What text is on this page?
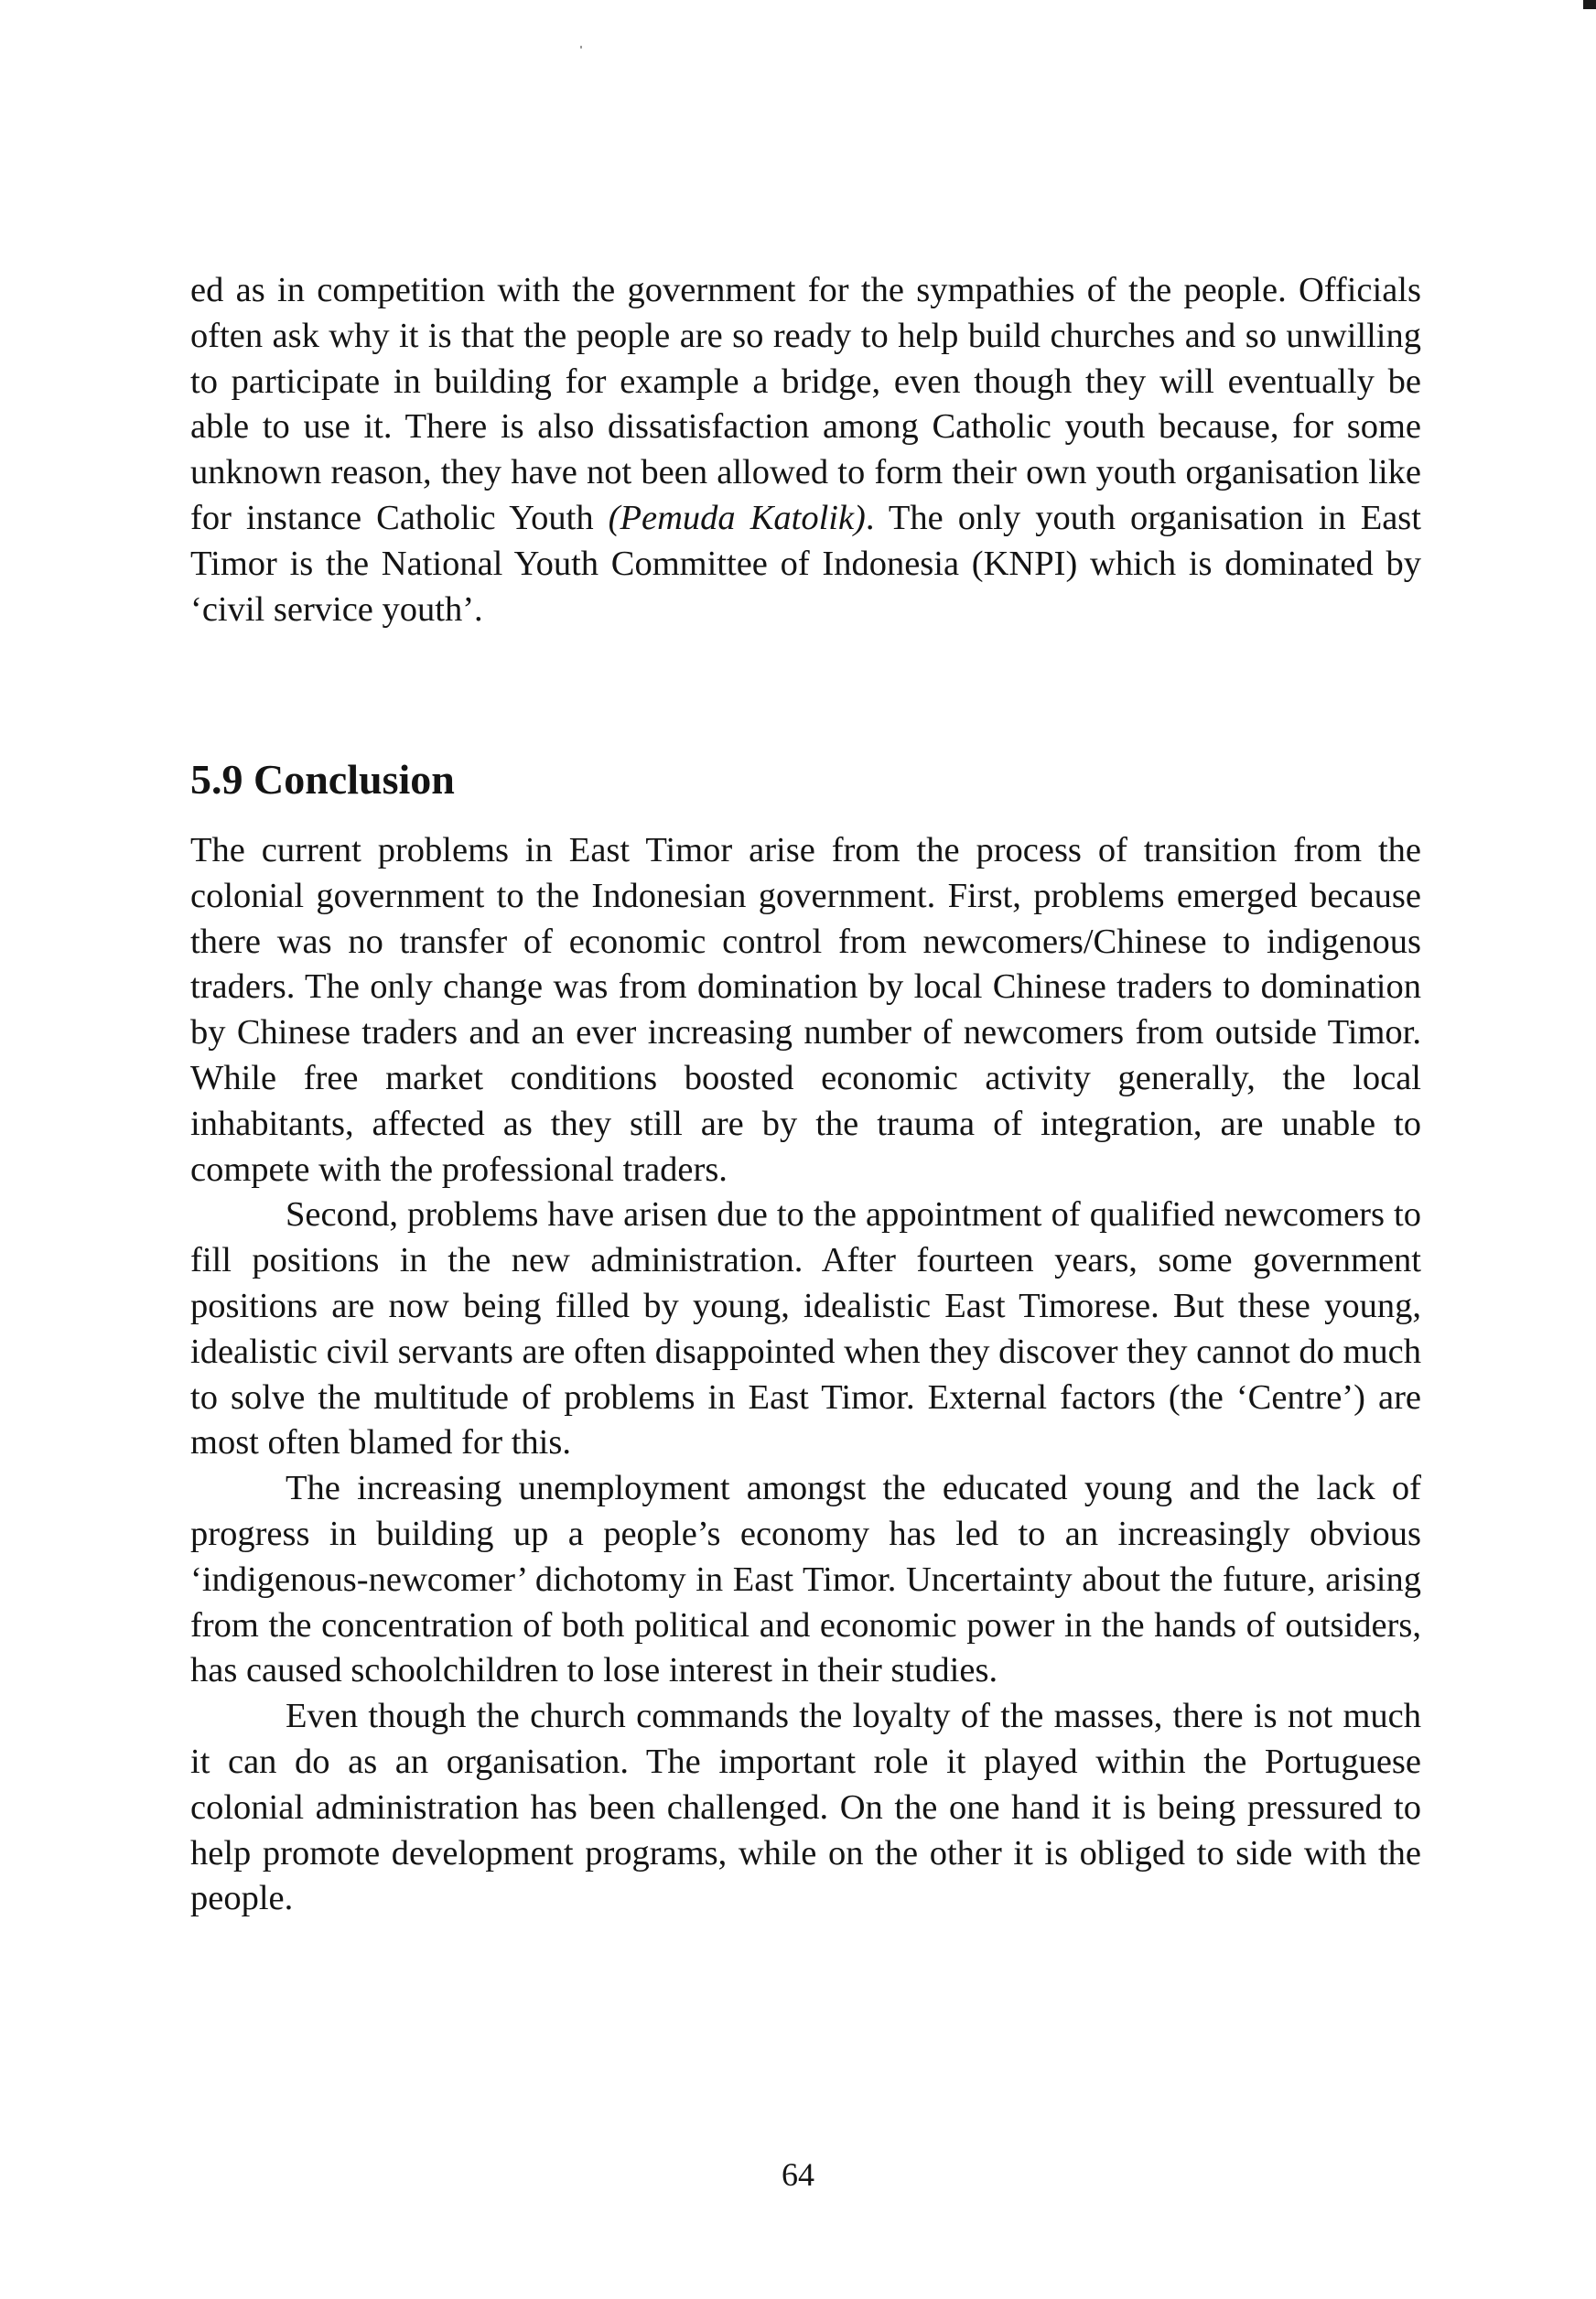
ed as in competition with the government for the sympathies of the people. Officials often ask why it is that the people are so ready to help build churches and so unwilling to participate in building for example a bridge, even though they will eventually be able to use it. There is also dissatisfaction among Catholic youth because, for some unknown reason, they have not been allowed to form their own youth organisation like for instance Catholic Youth (Pemuda Katolik). The only youth organisation in East Timor is the National Youth Committee of Indonesia (KNPI) which is dominated by ‘civil service youth’.

5.9 Conclusion

The current problems in East Timor arise from the process of transition from the colonial government to the Indonesian government. First, problems emerged because there was no transfer of economic control from newcomers/Chinese to indigenous traders. The only change was from domination by local Chinese traders to domination by Chinese traders and an ever increasing number of newcomers from outside Timor. While free market conditions boosted economic activity generally, the local inhabitants, affected as they still are by the trauma of integration, are unable to compete with the professional traders.

Second, problems have arisen due to the appointment of qualified newcomers to fill positions in the new administration. After fourteen years, some government positions are now being filled by young, idealistic East Timorese. But these young, idealistic civil servants are often disappointed when they discover they cannot do much to solve the multitude of problems in East Timor. External factors (the ‘Centre’) are most often blamed for this.

The increasing unemployment amongst the educated young and the lack of progress in building up a people’s economy has led to an increasingly obvious ‘indigenous-newcomer’ dichotomy in East Timor. Uncertainty about the future, arising from the concentration of both political and economic power in the hands of outsiders, has caused schoolchildren to lose interest in their studies.

Even though the church commands the loyalty of the masses, there is not much it can do as an organisation. The important role it played within the Portuguese colonial administration has been challenged. On the one hand it is being pressured to help promote development programs, while on the other it is obliged to side with the people.

64
